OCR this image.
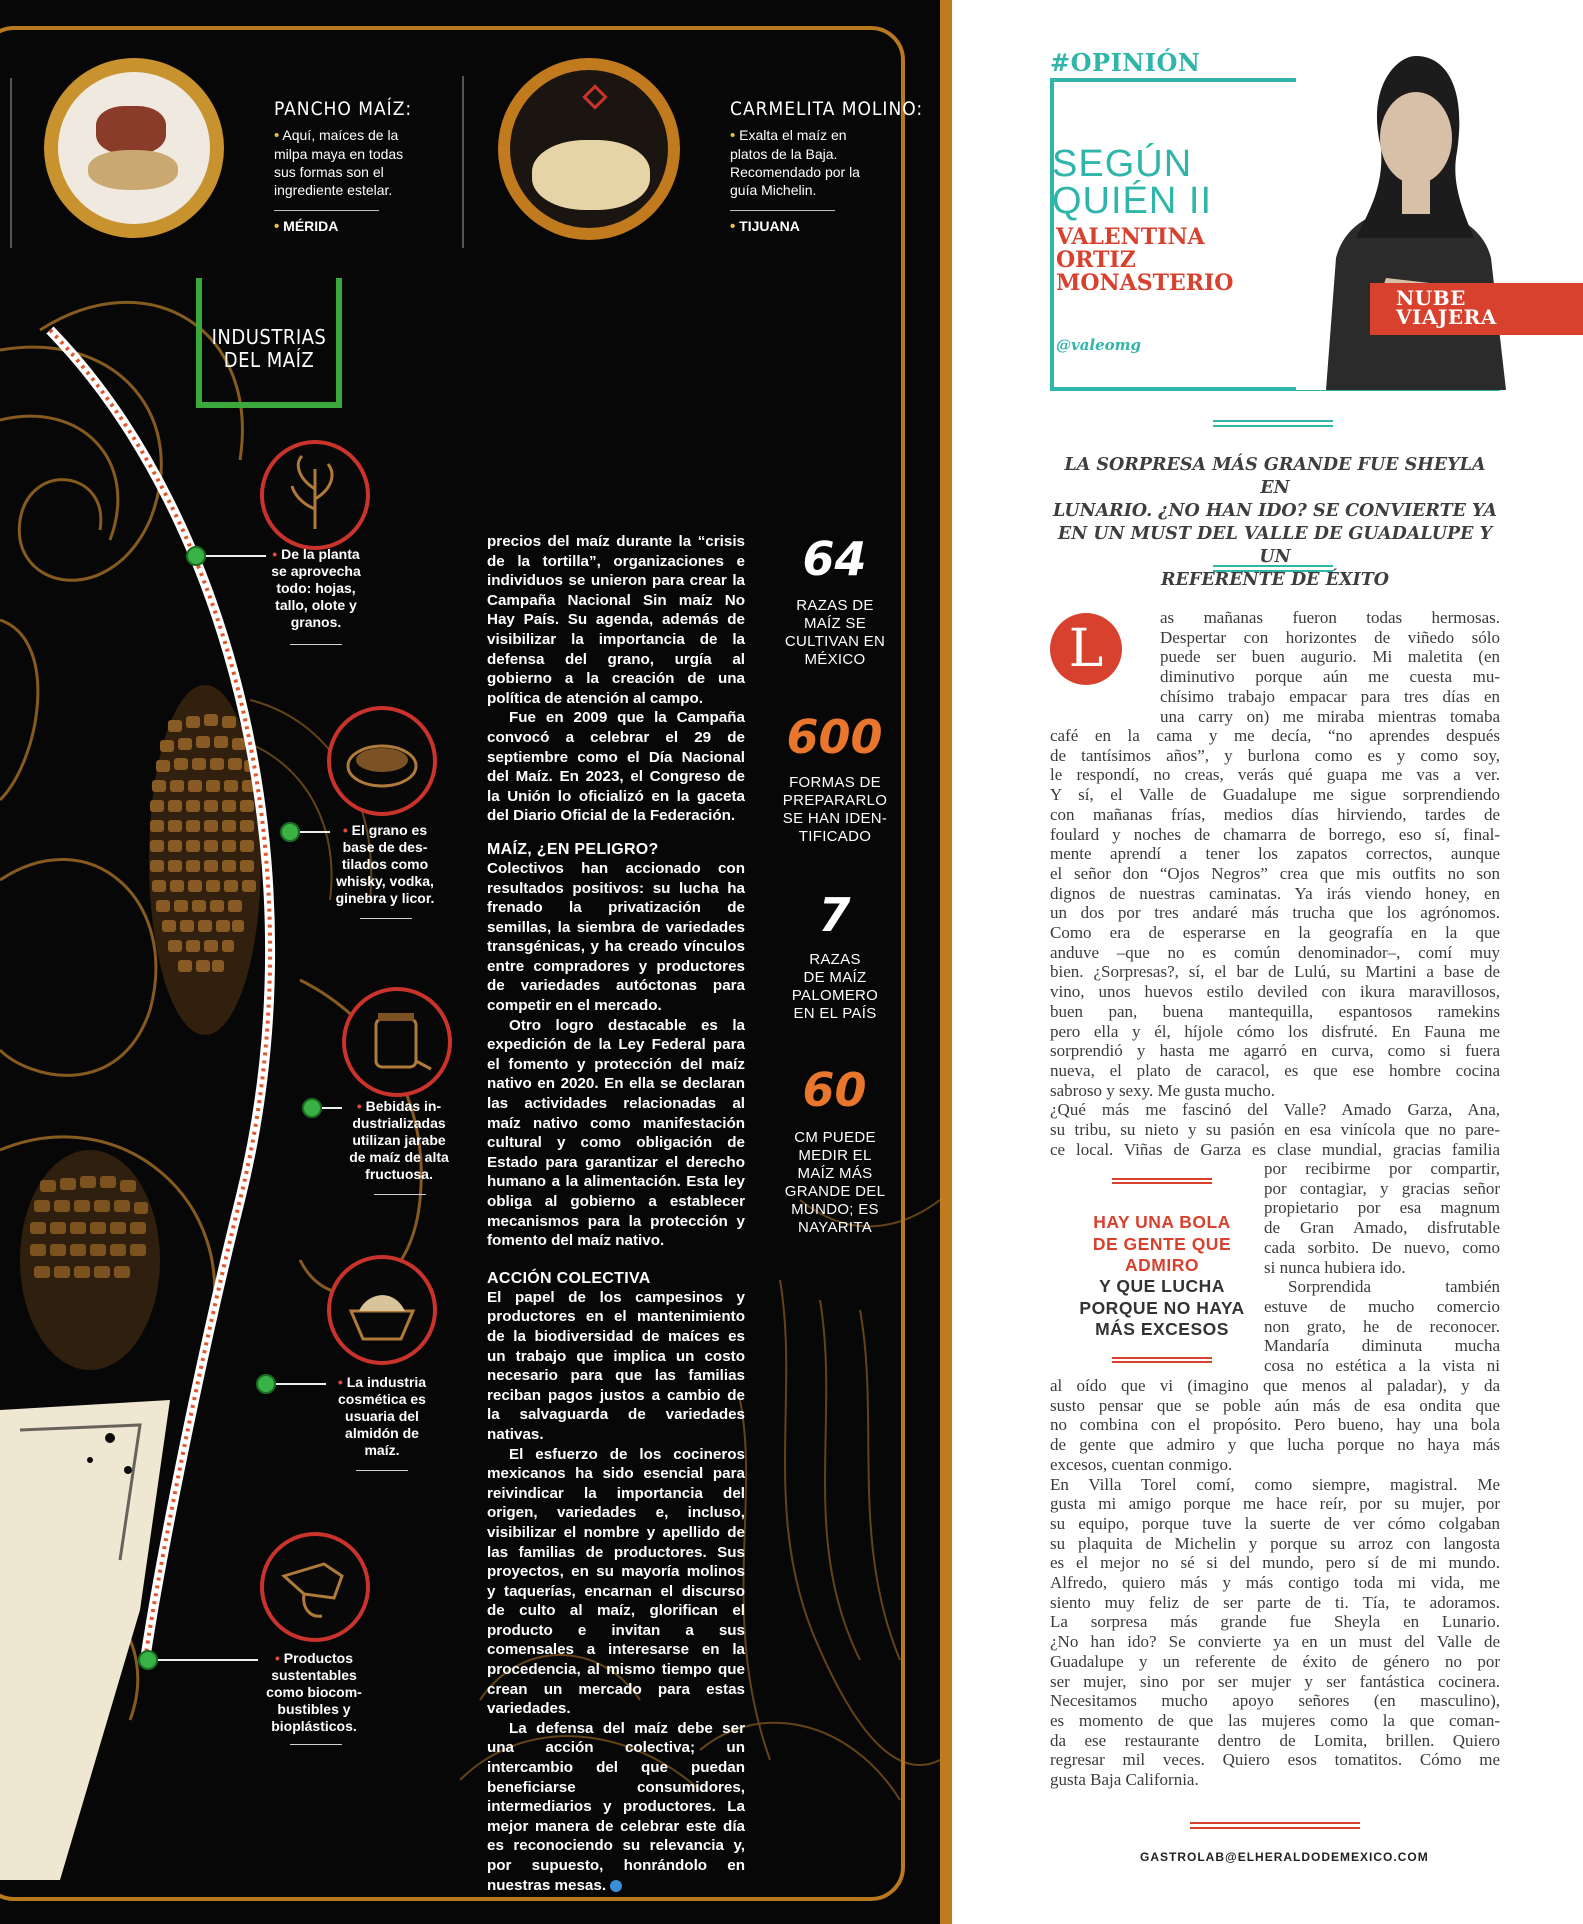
PANCHO MAÍZ:
• Aquí, maíces de la
milpa maya en todas
sus formas son el
ingrediente estelar.
• MÉRIDA
CARMELITA MOLINO:
• Exalta el maíz en
platos de la Baja.
Recomendado por la
guía Michelin.
• TIJUANA
INDUSTRIAS
DEL MAÍZ
• De la planta
se aprovecha
todo: hojas,
tallo, olote y
granos.
• El grano es
base de des-
tilados como
whisky, vodka,
ginebra y licor.
• Bebidas in-
dustrializadas
utilizan jarabe
de maíz de alta
fructuosa.
• La industria
cosmética es
usuaria del
almidón de
maíz.
• Productos
sustentables
como biocom-
bustibles y
bioplásticos.

precios del maíz durante la “crisis de la tortilla”, organizaciones e individuos se unieron para crear la Campaña Nacional Sin maíz No Hay País. Su agenda, además de visibilizar la importancia de la defensa del grano, urgía al gobierno a la creación de una política de atención al campo.

Fue en 2009 que la Campaña convocó a celebrar el 29 de septiembre como el Día Nacional del Maíz. En 2023, el Congreso de la Unión lo oficializó en la gaceta del Diario Oficial de la Federación.

MAÍZ, ¿EN PELIGRO?

Colectivos han accionado con resultados positivos: su lucha ha frenado la privatización de semillas, la siembra de variedades transgénicas, y ha creado vínculos entre compradores y productores de variedades autóctonas para competir en el mercado.

Otro logro destacable es la expedición de la Ley Federal para el fomento y protección del maíz nativo en 2020. En ella se declaran las actividades relacionadas al maíz nativo como manifestación cultural y como obligación de Estado para garantizar el derecho humano a la alimentación. Esta ley obliga al gobierno a establecer mecanismos para la protección y fomento del maíz nativo.

ACCIÓN COLECTIVA

El papel de los campesinos y productores en el mantenimiento de la biodiversidad de maíces es un trabajo que implica un costo necesario para que las familias reciban pagos justos a cambio de la salvaguarda de variedades nativas.

El esfuerzo de los cocineros mexicanos ha sido esencial para reivindicar la importancia del origen, variedades e, incluso, visibilizar el nombre y apellido de las familias de productores. Sus proyectos, en su mayoría molinos y taquerías, encarnan el discurso de culto al maíz, glorifican el producto e invitan a sus comensales a interesarse en la procedencia, al mismo tiempo que crean un mercado para estas variedades.

La defensa del maíz debe ser una acción colectiva; un intercambio del que puedan beneficiarse consumidores, intermediarios y productores. La mejor manera de celebrar este día es reconociendo su relevancia y, por supuesto, honrándolo en nuestras mesas.

64
RAZAS DE
MAÍZ SE
CULTIVAN EN
MÉXICO
600
FORMAS DE
PREPARARLO
SE HAN IDEN-
TIFICADO
7
RAZAS
DE MAÍZ
PALOMERO
EN EL PAÍS
60
CM PUEDE
MEDIR EL
MAÍZ MÁS
GRANDE DEL
MUNDO; ES
NAYARITA
#OPINIÓN
SEGÚN
QUIÉN II
VALENTINA
ORTIZ
MONASTERIO
@valeomg
NUBE
VIAJERA
LA SORPRESA MÁS GRANDE FUE SHEYLA EN
LUNARIO. ¿NO HAN IDO? SE CONVIERTE YA
EN UN MUST DEL VALLE DE GUADALUPE Y UN
REFERENTE DE ÉXITO
L
as mañanas fueron todas hermosas.
Despertar con horizontes de viñedo sólo
puede ser buen augurio. Mi maletita (en
diminutivo porque aún me cuesta mu-
chísimo trabajo empacar para tres días en
una carry on) me miraba mientras tomaba
café en la cama y me decía, “no aprendes después
de tantísimos años”, y burlona como es y como soy,
le respondí, no creas, verás qué guapa me vas a ver.
Y sí, el Valle de Guadalupe me sigue sorprendiendo
con mañanas frías, medios días hirviendo, tardes de
foulard y noches de chamarra de borrego, eso sí, final-
mente aprendí a tener los zapatos correctos, aunque
el señor don “Ojos Negros” crea que mis outfits no son
dignos de nuestras caminatas. Ya irás viendo honey, en
un dos por tres andaré más trucha que los agrónomos.
Como era de esperarse en la geografía en la que
anduve –que no es común denominador–, comí muy
bien. ¿Sorpresas?, sí, el bar de Lulú, su Martini a base de
vino, unos huevos estilo deviled con ikura maravillosos,
buen pan, buena mantequilla, espantosos ramekins
pero ella y él, híjole cómo los disfruté. En Fauna me
sorprendió y hasta me agarró en curva, como si fuera
nueva, el plato de caracol, es que ese hombre cocina
sabroso y sexy. Me gusta mucho.
¿Qué más me fascinó del Valle? Amado Garza, Ana,
su tribu, su nieto y su pasión en esa vinícola que no pare-
ce local. Viñas de Garza es clase mundial, gracias familia
por recibirme por compartir,
por contagiar, y gracias señor
propietario por esa magnum
de Gran Amado, disfrutable
cada sorbito. De nuevo, como
si nunca hubiera ido.
Sorprendida también
estuve de mucho comercio
non grato, he de reconocer.
Mandaría diminuta mucha
cosa no estética a la vista ni
al oído que vi (imagino que menos al paladar), y da
susto pensar que se poble aún más de esa ondita que
no combina con el propósito. Pero bueno, hay una bola
de gente que admiro y que lucha porque no haya más
excesos, cuentan conmigo.
En Villa Torel comí, como siempre, magistral. Me
gusta mi amigo porque me hace reír, por su mujer, por
su equipo, porque tuve la suerte de ver cómo colgaban
su plaquita de Michelin y porque su arroz con langosta
es el mejor no sé si del mundo, pero sí de mi mundo.
Alfredo, quiero más y más contigo toda mi vida, me
siento muy feliz de ser parte de ti. Tía, te adoramos.
La sorpresa más grande fue Sheyla en Lunario.
¿No han ido? Se convierte ya en un must del Valle de
Guadalupe y un referente de éxito de género no por
ser mujer, sino por ser mujer y ser fantástica cocinera.
Necesitamos mucho apoyo señores (en masculino),
es momento de que las mujeres como la que coman-
da ese restaurante dentro de Lomita, brillen. Quiero
regresar mil veces. Quiero esos tomatitos. Cómo me
gusta Baja California.
HAY UNA BOLA
DE GENTE QUE
ADMIRO
Y QUE LUCHA
PORQUE NO HAYA
MÁS EXCESOS
GASTROLAB@ELHERALDODEMEXICO.COM
